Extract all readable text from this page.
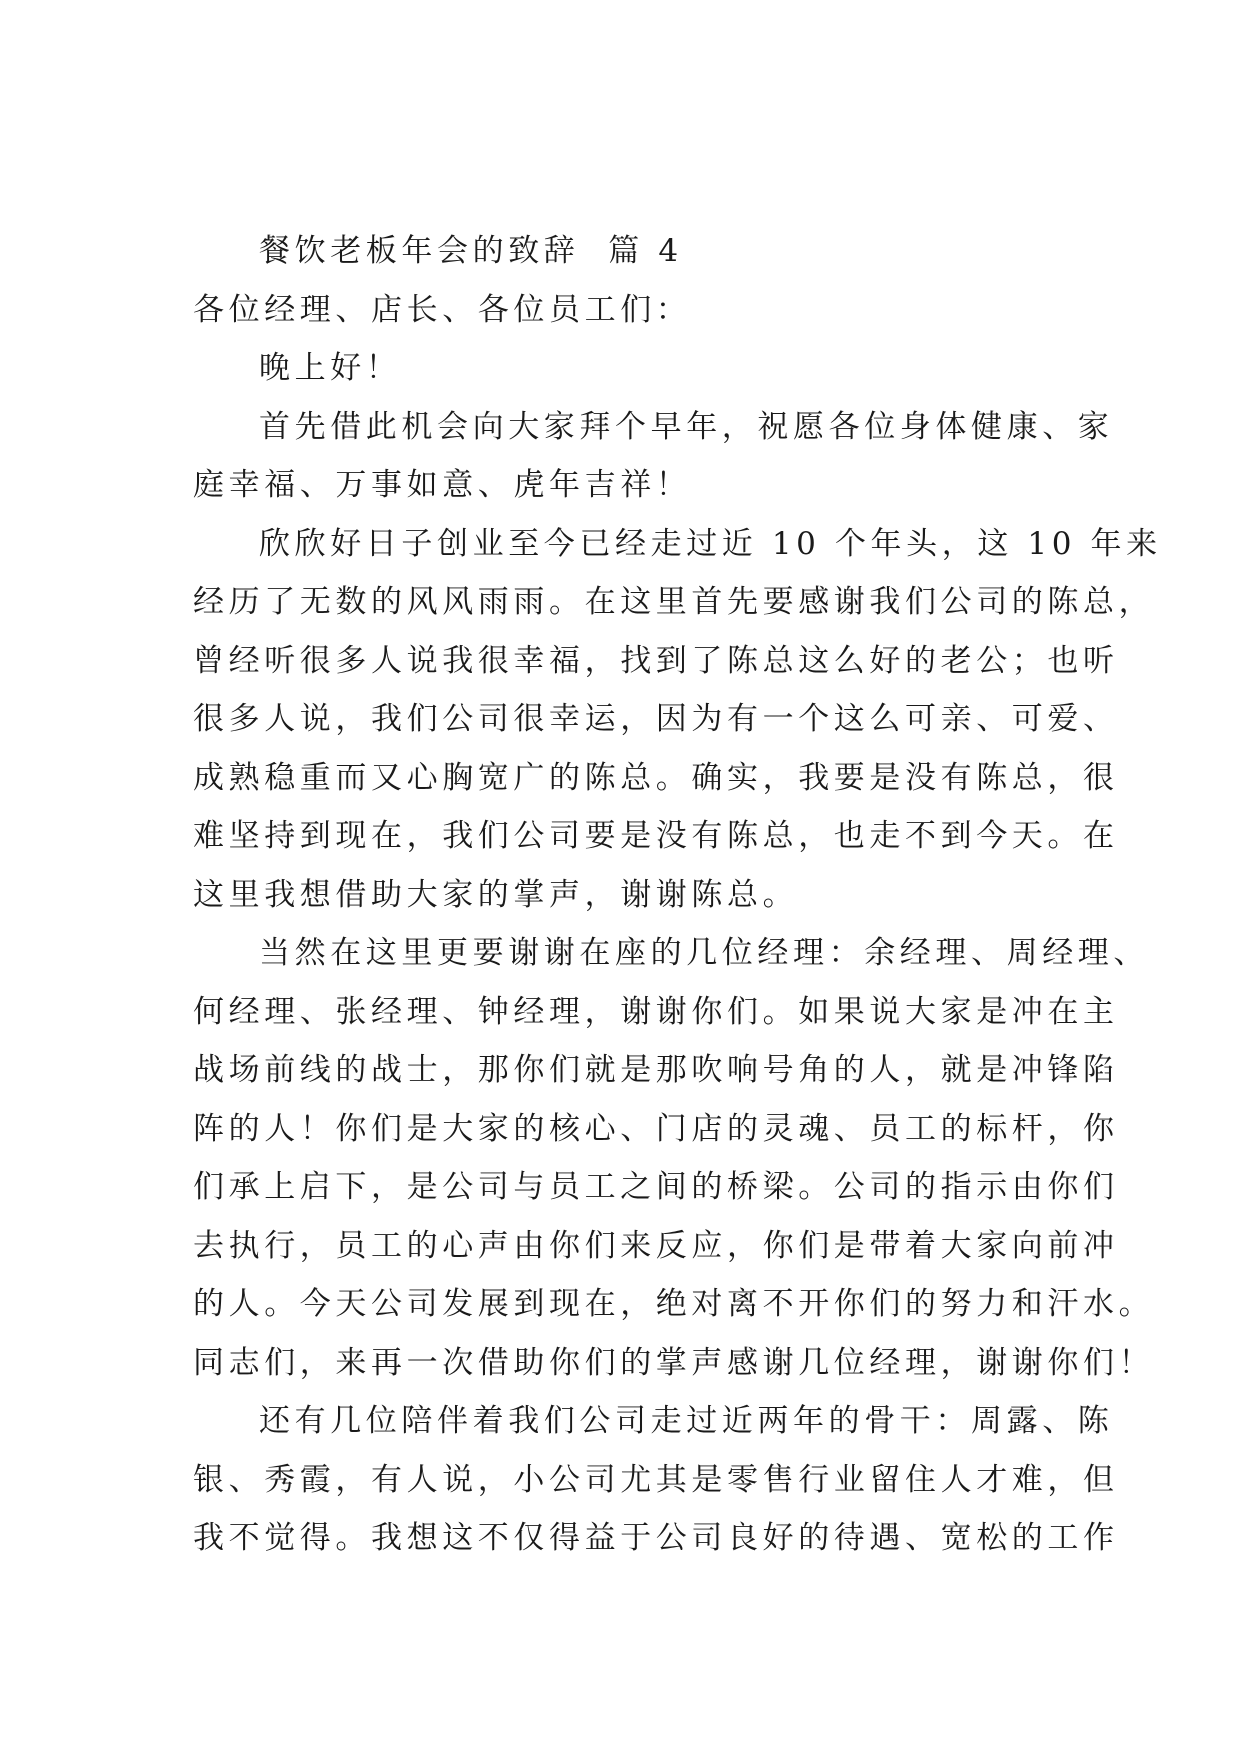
餐饮老板年会的致辞  篇 4
各位经理、店长、各位员工们：
晚上好！
首先借此机会向大家拜个早年，祝愿各位身体健康、家
庭幸福、万事如意、虎年吉祥！
欣欣好日子创业至今已经走过近 10 个年头，这 10 年来
经历了无数的风风雨雨。在这里首先要感谢我们公司的陈总，
曾经听很多人说我很幸福，找到了陈总这么好的老公；也听
很多人说，我们公司很幸运，因为有一个这么可亲、可爱、
成熟稳重而又心胸宽广的陈总。确实，我要是没有陈总，很
难坚持到现在，我们公司要是没有陈总，也走不到今天。在
这里我想借助大家的掌声，谢谢陈总。
当然在这里更要谢谢在座的几位经理：余经理、周经理、
何经理、张经理、钟经理，谢谢你们。如果说大家是冲在主
战场前线的战士，那你们就是那吹响号角的人，就是冲锋陷
阵的人！你们是大家的核心、门店的灵魂、员工的标杆，你
们承上启下，是公司与员工之间的桥梁。公司的指示由你们
去执行，员工的心声由你们来反应，你们是带着大家向前冲
的人。今天公司发展到现在，绝对离不开你们的努力和汗水。
同志们，来再一次借助你们的掌声感谢几位经理，谢谢你们！
还有几位陪伴着我们公司走过近两年的骨干：周露、陈
银、秀霞，有人说，小公司尤其是零售行业留住人才难，但
我不觉得。我想这不仅得益于公司良好的待遇、宽松的工作
